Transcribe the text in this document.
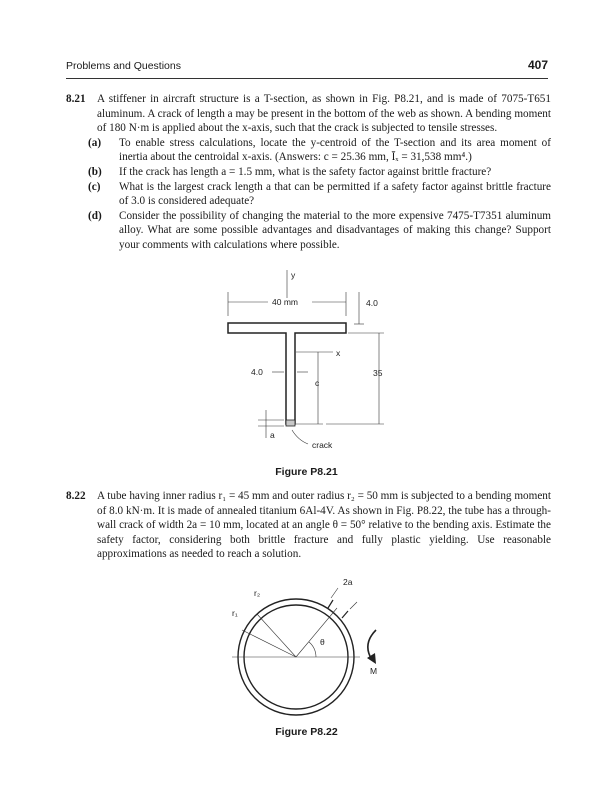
Problems and Questions	407
8.21 A stiffener in aircraft structure is a T-section, as shown in Fig. P8.21, and is made of 7075-T651 aluminum. A crack of length a may be present in the bottom of the web as shown. A bending moment of 180 N·m is applied about the x-axis, such that the crack is subjected to tensile stresses.
(a) To enable stress calculations, locate the y-centroid of the T-section and its area moment of inertia about the centroidal x-axis. (Answers: c = 25.36 mm, Īₓ = 31,538 mm⁴.)
(b) If the crack has length a = 1.5 mm, what is the safety factor against brittle fracture?
(c) What is the largest crack length a that can be permitted if a safety factor against brittle fracture of 3.0 is considered adequate?
(d) Consider the possibility of changing the material to the more expensive 7475-T7351 aluminum alloy. What are some possible advantages and disadvantages of making this change? Support your comments with calculations where possible.
y
40 mm	4.0
x
4.0
c
35
a
crack
Figure P8.21
8.22 A tube having inner radius r₁ = 45 mm and outer radius r₂ = 50 mm is subjected to a bending moment of 8.0 kN·m. It is made of annealed titanium 6Al-4V. As shown in Fig. P8.22, the tube has a through-wall crack of width 2a = 10 mm, located at an angle θ = 50° relative to the bending axis. Estimate the safety factor, considering both brittle fracture and fully plastic yielding. Use reasonable approximations as needed to reach a solution.
r₂
r₁
2a
θ
M
Figure P8.22
